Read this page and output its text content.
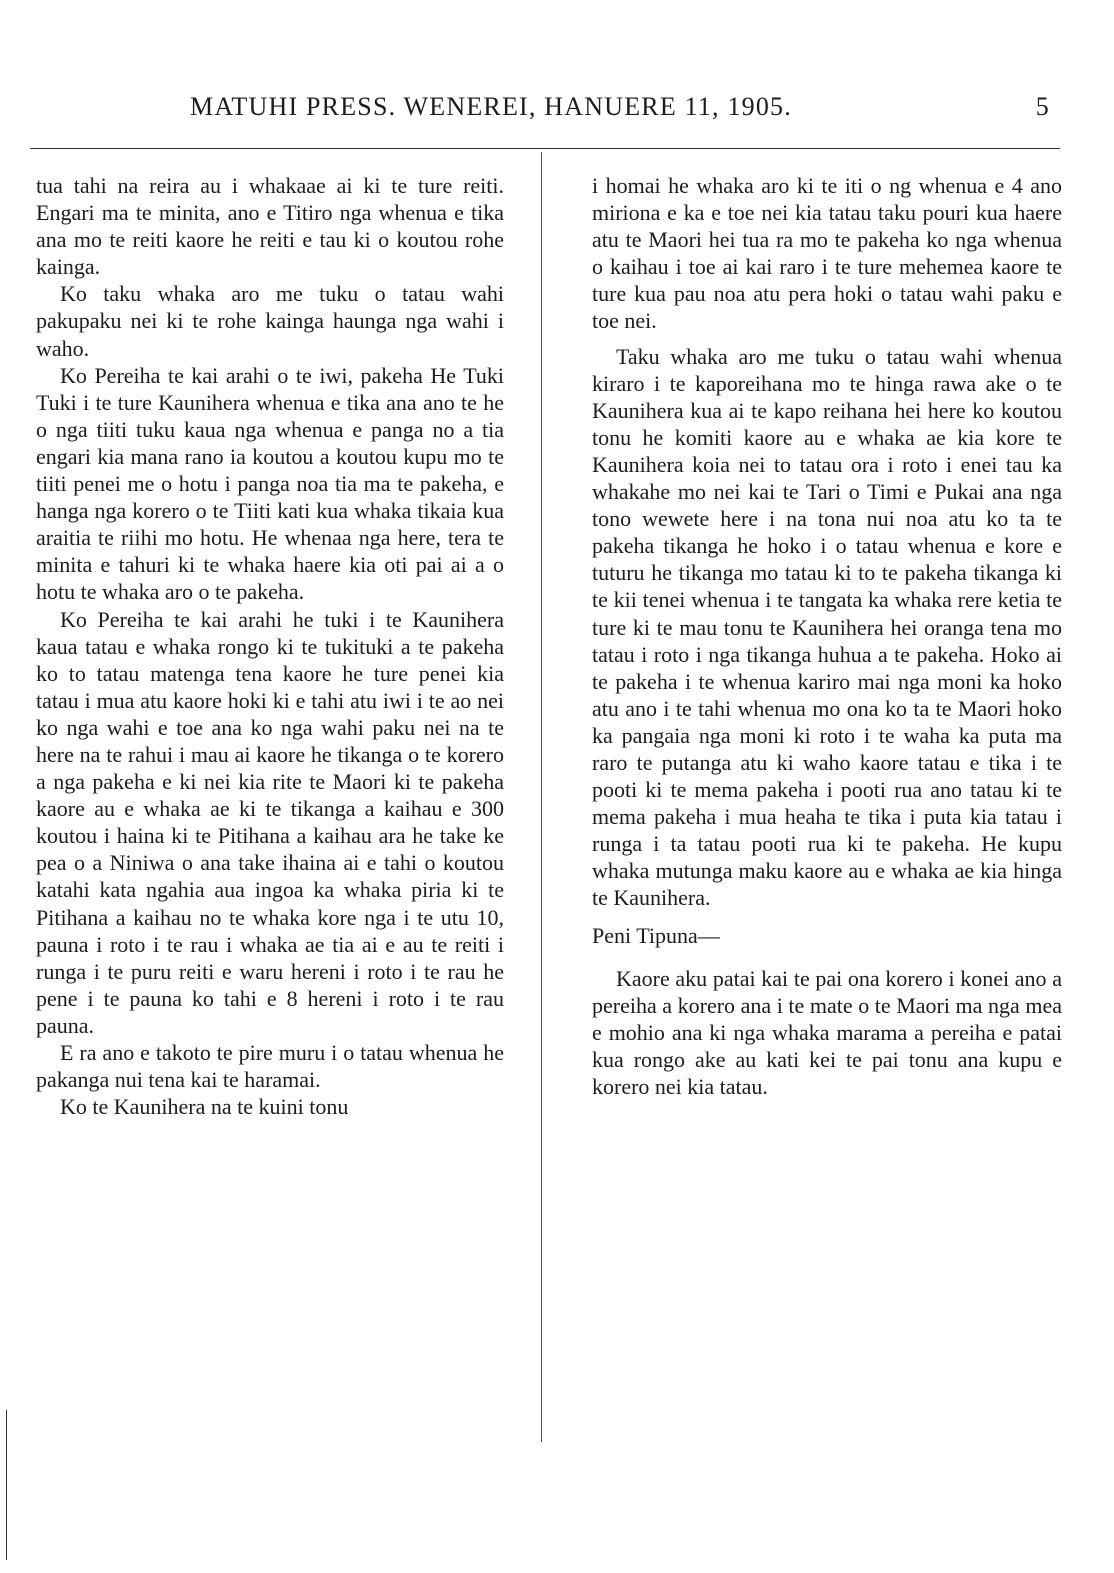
MATUHI PRESS. WENEREI, HANUERE 11, 1905.	5

tua tahi na reira au i whakaae ai ki te ture reiti. Engari ma te minita, ano e Titiro nga whenua e tika ana mo te reiti kaore he reiti e tau ki o koutou rohe kainga.

Ko taku whaka aro me tuku o tatau wahi pakupaku nei ki te rohe kainga haunga nga wahi i waho.

Ko Pereiha te kai arahi o te iwi, pakeha He Tuki Tuki i te ture Kaunihera whenua e tika ana ano te he o nga tiiti tuku kaua nga whenua e panga no a tia engari kia mana rano ia koutou a koutou kupu mo te tiiti penei me o hotu i panga noa tia ma te pakeha, e hanga nga korero o te Tiiti kati kua whaka tikaia kua araitia te riihi mo hotu. He whenaa nga here, tera te minita e tahuri ki te whaka haere kia oti pai ai a o hotu te whaka aro o te pakeha.

Ko Pereiha te kai arahi he tuki i te Kaunihera kaua tatau e whaka rongo ki te tukituki a te pakeha ko to tatau matenga tena kaore he ture penei kia tatau i mua atu kaore hoki ki e tahi atu iwi i te ao nei ko nga wahi e toe ana ko nga wahi paku nei na te here na te rahui i mau ai kaore he tikanga o te korero a nga pakeha e ki nei kia rite te Maori ki te pakeha kaore au e whaka ae ki te tikanga a kaihau e 300 koutou i haina ki te Pitihana a kaihau ara he take ke pea o a Niniwa o ana take ihaina ai e tahi o koutou katahi kata ngahia aua ingoa ka whaka piria ki te Pitihana a kaihau no te whaka kore nga i te utu 10, pauna i roto i te rau i whaka ae tia ai e au te reiti i runga i te puru reiti e waru hereni i roto i te rau he pene i te pauna ko tahi e 8 hereni i roto i te rau pauna.

E ra ano e takoto te pire muru i o tatau whenua he pakanga nui tena kai te haramai.

Ko te Kaunihera na te kuini tonu

i homai he whaka aro ki te iti o ng whenua e 4 ano miriona e ka e toe nei kia tatau taku pouri kua haere atu te Maori hei tua ra mo te pakeha ko nga whenua o kaihau i toe ai kai raro i te ture mehemea kaore te ture kua pau noa atu pera hoki o tatau wahi paku e toe nei.

Taku whaka aro me tuku o tatau wahi whenua kiraro i te kaporeihana mo te hinga rawa ake o te Kaunihera kua ai te kapo reihana hei here ko koutou tonu he komiti kaore au e whaka ae kia kore te Kaunihera koia nei to tatau ora i roto i enei tau ka whakahe mo nei kai te Tari o Timi e Pukai ana nga tono wewete here i na tona nui noa atu ko ta te pakeha tikanga he hoko i o tatau whenua e kore e tuturu he tikanga mo tatau ki to te pakeha tikanga ki te kii tenei whenua i te tangata ka whaka rere ketia te ture ki te mau tonu te Kaunihera hei oranga tena mo tatau i roto i nga tikanga huhua a te pakeha. Hoko ai te pakeha i te whenua kariro mai nga moni ka hoko atu ano i te tahi whenua mo ona ko ta te Maori hoko ka pangaia nga moni ki roto i te waha ka puta ma raro te putanga atu ki waho kaore tatau e tika i te pooti ki te mema pakeha i pooti rua ano tatau ki te mema pakeha i mua heaha te tika i puta kia tatau i runga i ta tatau pooti rua ki te pakeha. He kupu whaka mutunga maku kaore au e whaka ae kia hinga te Kaunihera.

Peni Tipuna—

Kaore aku patai kai te pai ona korero i konei ano a pereiha a korero ana i te mate o te Maori ma nga mea e mohio ana ki nga whaka marama a pereiha e patai kua rongo ake au kati kei te pai tonu ana kupu e korero nei kia tatau.
